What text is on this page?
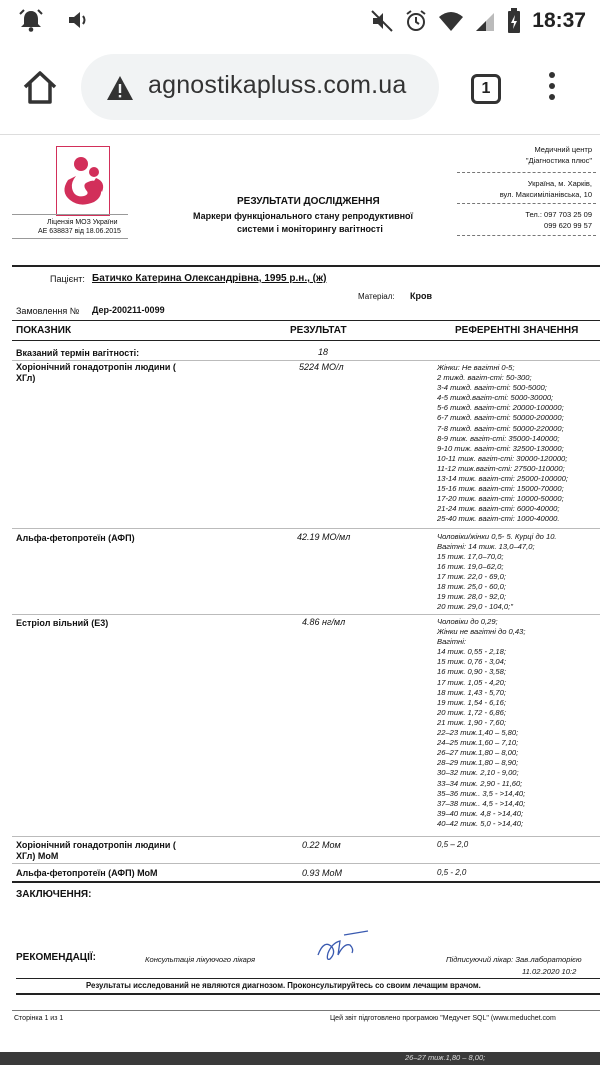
18:37
agnostikapluss.com.ua	1
Ліцензія МОЗ України
АЕ 638837 від 18.06.2015
РЕЗУЛЬТАТИ ДОСЛІДЖЕННЯ
Маркери функціонального стану репродуктивної
системи і моніторингу вагітності
Медичний центр
"Діагностика плюс"
Україна, м. Харків,
вул. Максиміліанівська, 10
Тел.: 097 703 25 09
099 620 99 57
Пацієнт: Батичко Катерина Олександрівна, 1995 р.н., (ж)
Матеріал: Кров
Замовлення № Дер-200211-0099
ПОКАЗНИК	РЕЗУЛЬТАТ	РЕФЕРЕНТНІ ЗНАЧЕННЯ
Вказаний термін вагітності:	18
Хоріонічний гонадотропін людини (
ХГл)
5224 МО/л	Жінки: Не вагітні 0-5;
2 тижд. вагіт-сті: 50-300;
3-4 тижд. вагіт-сті: 500-5000;
4-5 тижд.вагіт-сті: 5000-30000;
5-6 тижд. вагіт-сті: 20000-100000;
6-7 тижд. вагіт-сті: 50000-200000;
7-8 тижд. вагіт-сті: 50000-220000;
8-9 тиж. вагіт-сті: 35000-140000;
9-10 тиж. вагіт-сті: 32500-130000;
10-11 тиж. вагіт-сті: 30000-120000;
11-12 тиж.вагіт-сті: 27500-110000;
13-14 тиж. вагіт-сті: 25000-100000;
15-16 тиж. вагіт-сті: 15000-70000;
17-20 тиж. вагіт-сті: 10000-50000;
21-24 тиж. вагіт-сті: 6000-40000;
25-40 тиж. вагіт-сті: 1000-40000.
Альфа-фетопротеїн (АФП)	42.19 МО/мл	Чоловіки/жінки 0,5- 5. Курці до 10.
Вагітні: 14 тиж. 13,0–47,0;
15 тиж. 17,0–70,0;
16 тиж. 19,0–62,0;
17 тиж. 22,0 - 69,0;
18 тиж. 25,0 - 60,0;
19 тиж. 28,0 - 92,0;
20 тиж. 29,0 - 104,0;"
Естріол вільний (Е3)	4.86 нг/мл	Чоловіки до 0,29;
Жінки не вагітні до 0,43;
Вагітні:
14 тиж. 0,55 - 2,18;
15 тиж. 0,76 - 3,04;
16 тиж. 0,90 - 3,58;
17 тиж. 1,05 - 4,20;
18 тиж. 1,43 - 5,70;
19 тиж. 1,54 - 6,16;
20 тиж. 1,72 - 6,86;
21 тиж. 1,90 - 7,60;
22–23 тиж.1,40 – 5,80;
24–25 тиж.1,60 – 7,10;
26–27 тиж.1,80 – 8,00;
28–29 тиж.1,80 – 8,90;
30–32 тиж. 2,10 - 9,00;
33–34 тиж. 2,90 - 11,60;
35–36 тиж.. 3,5 - >14,40;
37–38 тиж.. 4,5 - >14,40;
39–40 тиж. 4,8 - >14,40;
40–42 тиж. 5,0 - >14,40;
Хоріонічний гонадотропін людини (
ХГл) МоМ
0.22 Мом	0,5 – 2,0
Альфа-фетопротеїн (АФП) МоМ	0.93 МоМ	0,5 - 2,0
ЗАКЛЮЧЕННЯ:
РЕКОМЕНДАЦІЇ:	Консультація лікуючого лікаря	Підписуючий лікар: Зав.лабораторією
11.02.2020 10:2
Результаты исследований не являются диагнозом. Проконсультируйтесь со своим лечащим врачом.
Сторінка 1 из 1	Цей звіт підготовлено програмою "Медучет SQL" (www.meduchet.com
26–27 тиж.1,80 – 8,00;
